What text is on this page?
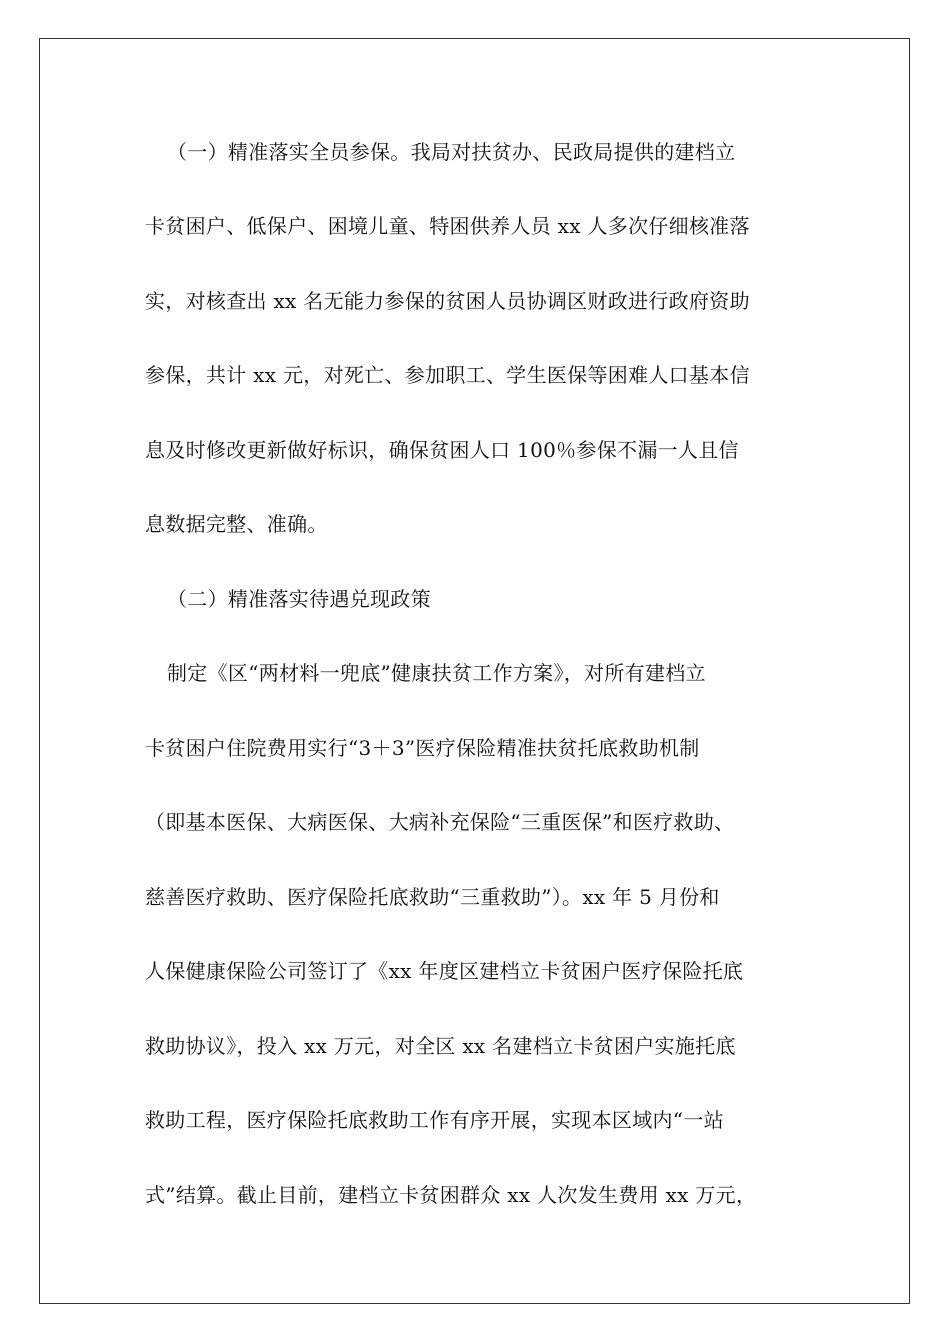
（一）精准落实全员参保。我局对扶贫办、民政局提供的建档立
卡贫困户、低保户、困境儿童、特困供养人员 xx 人多次仔细核准落
实，对核查出 xx 名无能力参保的贫困人员协调区财政进行政府资助
参保，共计 xx 元，对死亡、参加职工、学生医保等困难人口基本信
息及时修改更新做好标识，确保贫困人口 100％参保不漏一人且信
息数据完整、准确。
（二）精准落实待遇兑现政策
制定《区“两材料一兜底”健康扶贫工作方案》，对所有建档立
卡贫困户住院费用实行“3＋3”医疗保险精准扶贫托底救助机制
（即基本医保、大病医保、大病补充保险“三重医保”和医疗救助、
慈善医疗救助、医疗保险托底救助“三重救助”）。xx 年 5 月份和
人保健康保险公司签订了《xx 年度区建档立卡贫困户医疗保险托底
救助协议》，投入 xx 万元，对全区 xx 名建档立卡贫困户实施托底
救助工程，医疗保险托底救助工作有序开展，实现本区域内“一站
式”结算。截止目前，建档立卡贫困群众 xx 人次发生费用 xx 万元，
